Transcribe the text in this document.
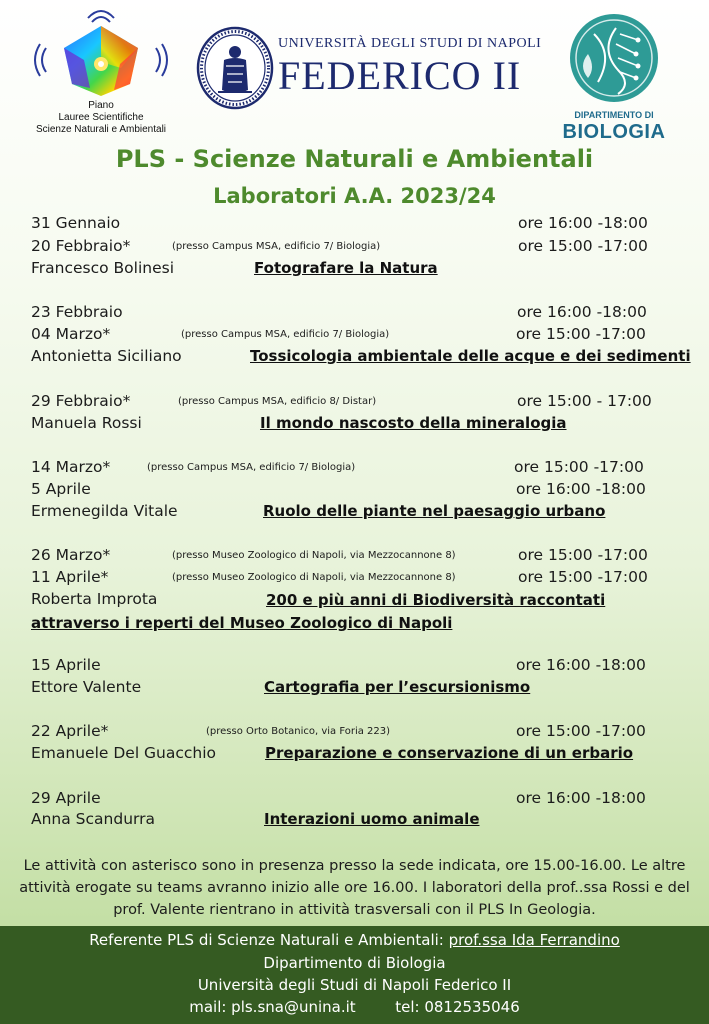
Piano
Lauree Scientifiche
Scienze Naturali e Ambientali
UNIVERSITÀ DEGLI STUDI DI NAPOLI
FEDERICO II
DIPARTIMENTO DI
BIOLOGIA
PLS - Scienze Naturali e Ambientali
Laboratori A.A. 2023/24
31 Gennaio	ore 16:00 -18:00
20 Febbraio*	(presso Campus MSA, edificio 7/ Biologia)	ore 15:00 -17:00
Francesco Bolinesi	Fotografare la Natura
23 Febbraio	ore 16:00 -18:00
04 Marzo*	(presso Campus MSA, edificio 7/ Biologia)	ore 15:00 -17:00
Antonietta Siciliano	Tossicologia ambientale delle acque e dei sedimenti
29 Febbraio*	(presso Campus MSA, edificio 8/ Distar)	ore 15:00 - 17:00
Manuela Rossi	Il mondo nascosto della mineralogia
14 Marzo*	(presso Campus MSA, edificio 7/ Biologia)	ore 15:00 -17:00
5 Aprile	ore 16:00 -18:00
Ermenegilda Vitale	Ruolo delle piante nel paesaggio urbano
26 Marzo*	(presso Museo Zoologico di Napoli, via Mezzocannone 8)	ore 15:00 -17:00
11 Aprile*	(presso Museo Zoologico di Napoli, via Mezzocannone 8)	ore 15:00 -17:00
Roberta Improta	200 e più anni di Biodiversità raccontati attraverso i reperti del Museo Zoologico di Napoli
15 Aprile	ore 16:00 -18:00
Ettore Valente	Cartografia per l’escursionismo
22 Aprile*	(presso Orto Botanico, via Foria 223)	ore 15:00 -17:00
Emanuele Del Guacchio	Preparazione e conservazione di un erbario
29 Aprile	ore 16:00 -18:00
Anna Scandurra	Interazioni uomo animale
Le attività con asterisco sono in presenza presso la sede indicata, ore 15.00-16.00. Le altre attività erogate su teams avranno inizio alle ore 16.00. I laboratori della prof..ssa Rossi e del prof. Valente rientrano in attività trasversali con il PLS In Geologia.
Referente PLS di Scienze Naturali e Ambientali: prof.ssa Ida Ferrandino
Dipartimento di Biologia
Università degli Studi di Napoli Federico II
mail: pls.sna@unina.it	tel: 0812535046
